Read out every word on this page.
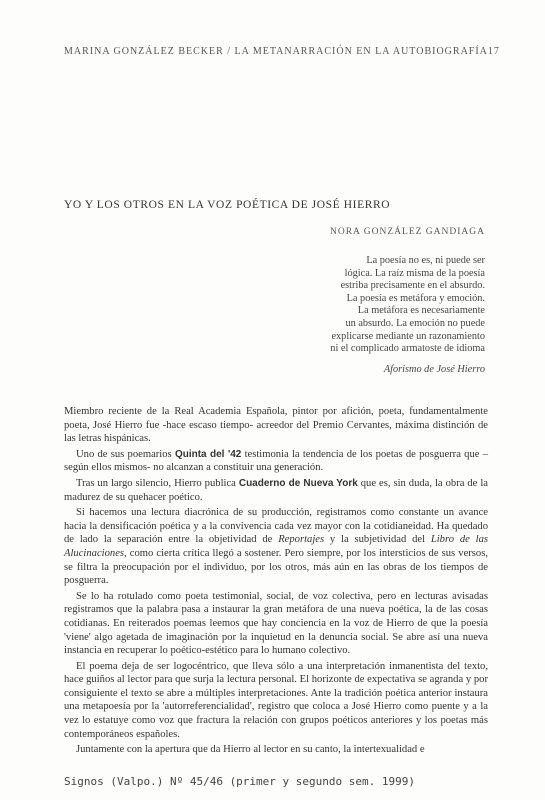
MARINA GONZÁLEZ BECKER / LA METANARRACIÓN EN LA AUTOBIOGRAFÍA 17
YO Y LOS OTROS EN LA VOZ POÉTICA DE JOSÉ HIERRO
NORA GONZÁLEZ GANDIAGA
La poesía no es, ni puede ser
lógica. La raíz misma de la poesía
estriba precisamente en el absurdo.
La poesía es metáfora y emoción.
La metáfora es necesariamente
un absurdo. La emoción no puede
explicarse mediante un razonamiento
ni el complicado armatoste de idioma
Aforismo de José Hierro

Miembro reciente de la Real Academia Española, pintor por afición, poeta, fundamentalmente poeta, José Hierro fue -hace escaso tiempo- acreedor del Premio Cervantes, máxima distinción de las letras hispánicas.

Uno de sus poemarios Quinta del '42 testimonia la tendencia de los poetas de posguerra que –según ellos mismos- no alcanzan a constituir una generación.

Tras un largo silencio, Hierro publica Cuaderno de Nueva York que es, sin duda, la obra de la madurez de su quehacer poético.

Si hacemos una lectura diacrónica de su producción, registramos como constante un avance hacia la densificación poética y a la convivencia cada vez mayor con la cotidianeidad. Ha quedado de lado la separación entre la objetividad de Reportajes y la subjetividad del Libro de las Alucinaciones, como cierta crítica llegó a sostener. Pero siempre, por los intersticios de sus versos, se filtra la preocupación por el individuo, por los otros, más aún en las obras de los tiempos de posguerra.

Se lo ha rotulado como poeta testimonial, social, de voz colectiva, pero en lecturas avisadas registramos que la palabra pasa a instaurar la gran metáfora de una nueva poética, la de las cosas cotidianas. En reiterados poemas leemos que hay conciencia en la voz de Hierro de que la poesía 'viene' algo agetada de imaginación por la inquietud en la denuncia social. Se abre así una nueva instancia en recuperar lo poético-estético para lo humano colectivo.

El poema deja de ser logocéntrico, que lleva sólo a una interpretación inmanentista del texto, hace guiños al lector para que surja la lectura personal. El horizonte de expectativa se agranda y por consiguiente el texto se abre a múltiples interpretaciones. Ante la tradición poética anterior instaura una metapoesía por la 'autorreferencialidad', registro que coloca a José Hierro como puente y a la vez lo estatuye como voz que fractura la relación con grupos poéticos anteriores y los poetas más contemporáneos españoles.

Juntamente con la apertura que da Hierro al lector en su canto, la intertexualidad e

Signos (Valpo.) Nº 45/46 (primer y segundo sem. 1999)
